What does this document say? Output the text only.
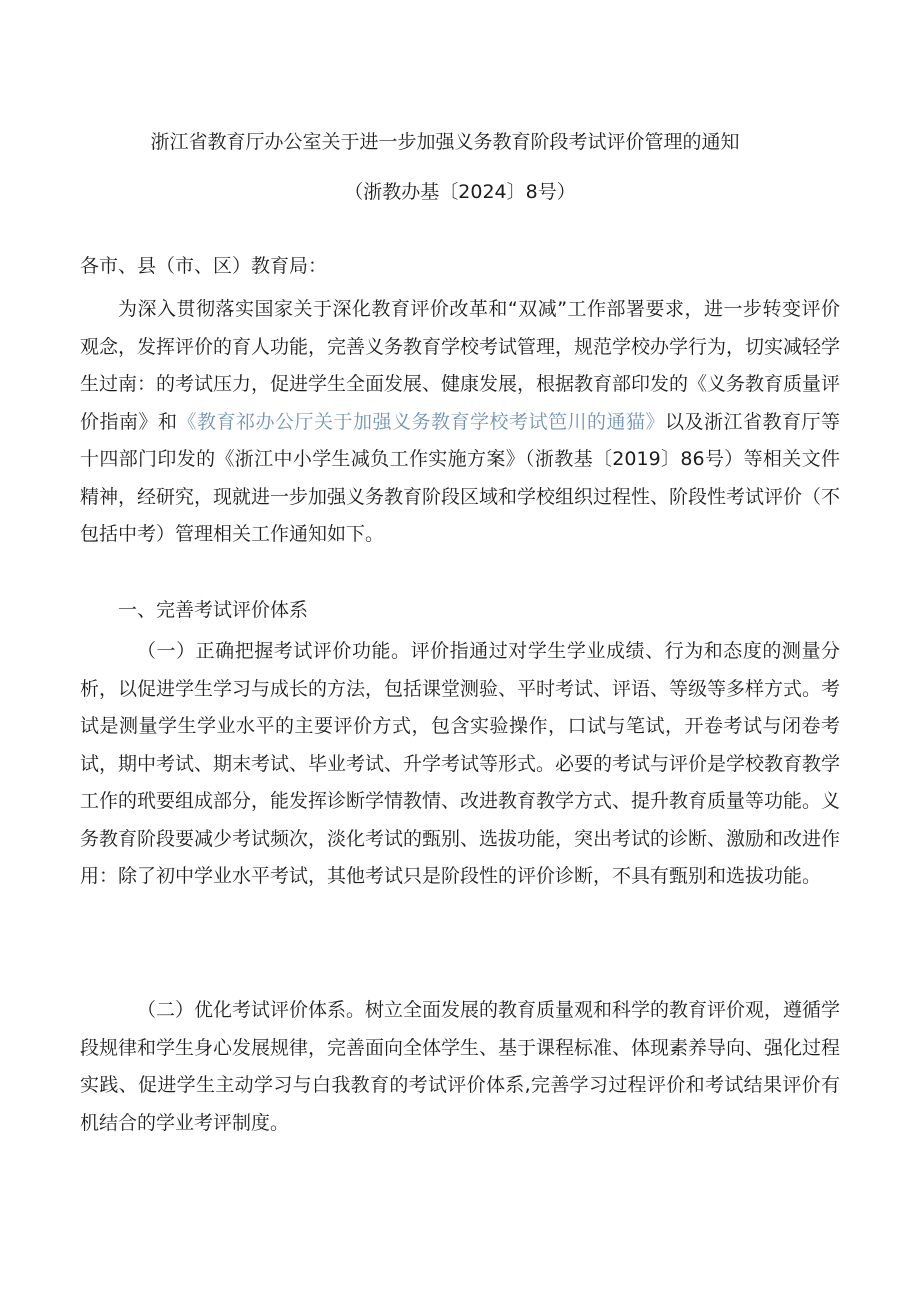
浙江省教育厅办公室关于进一步加强义务教育阶段考试评价管理的通知
（浙教办基〔2024〕8号）
各市、县（市、区）教育局：
为深入贯彻落实国家关于深化教育评价改革和“双减”工作部署要求，进一步转变评价观念，发挥评价的育人功能，完善义务教育学校考试管理，规范学校办学行为，切实减轻学生过南：的考试压力，促进学生全面发展、健康发展，根据教育部印发的《义务教育质量评价指南》和《教育祁办公厅关于加强义务教育学校考试笆川的通猫》以及浙江省教育厅等十四部门印发的《浙江中小学生减负工作实施方案》（浙教基〔2019〕86号）等相关文件精神，经研究，现就进一步加强义务教育阶段区域和学校组织过程性、阶段性考试评价（不包括中考）管理相关工作通知如下。
一、完善考试评价体系
（一）正确把握考试评价功能。评价指通过对学生学业成绩、行为和态度的测量分析，以促进学生学习与成长的方法，包括课堂测验、平时考试、评语、等级等多样方式。考试是测量学生学业水平的主要评价方式，包含实验操作，口试与笔试，开卷考试与闭卷考试，期中考试、期末考试、毕业考试、升学考试等形式。必要的考试与评价是学校教育教学工作的玳要组成部分，能发挥诊断学情教情、改进教育教学方式、提升教育质量等功能。义务教育阶段要减少考试频次，淡化考试的甄别、选拔功能，突出考试的诊断、激励和改进作用：除了初中学业水平考试，其他考试只是阶段性的评价诊断，不具有甄别和选拔功能。
（二）优化考试评价体系。树立全面发展的教育质量观和科学的教育评价观，遵循学段规律和学生身心发展规律，完善面向全体学生、基于课程标准、体现素养导向、强化过程实践、促进学生主动学习与白我教育的考试评价体系,完善学习过程评价和考试结果评价有机结合的学业考评制度。
